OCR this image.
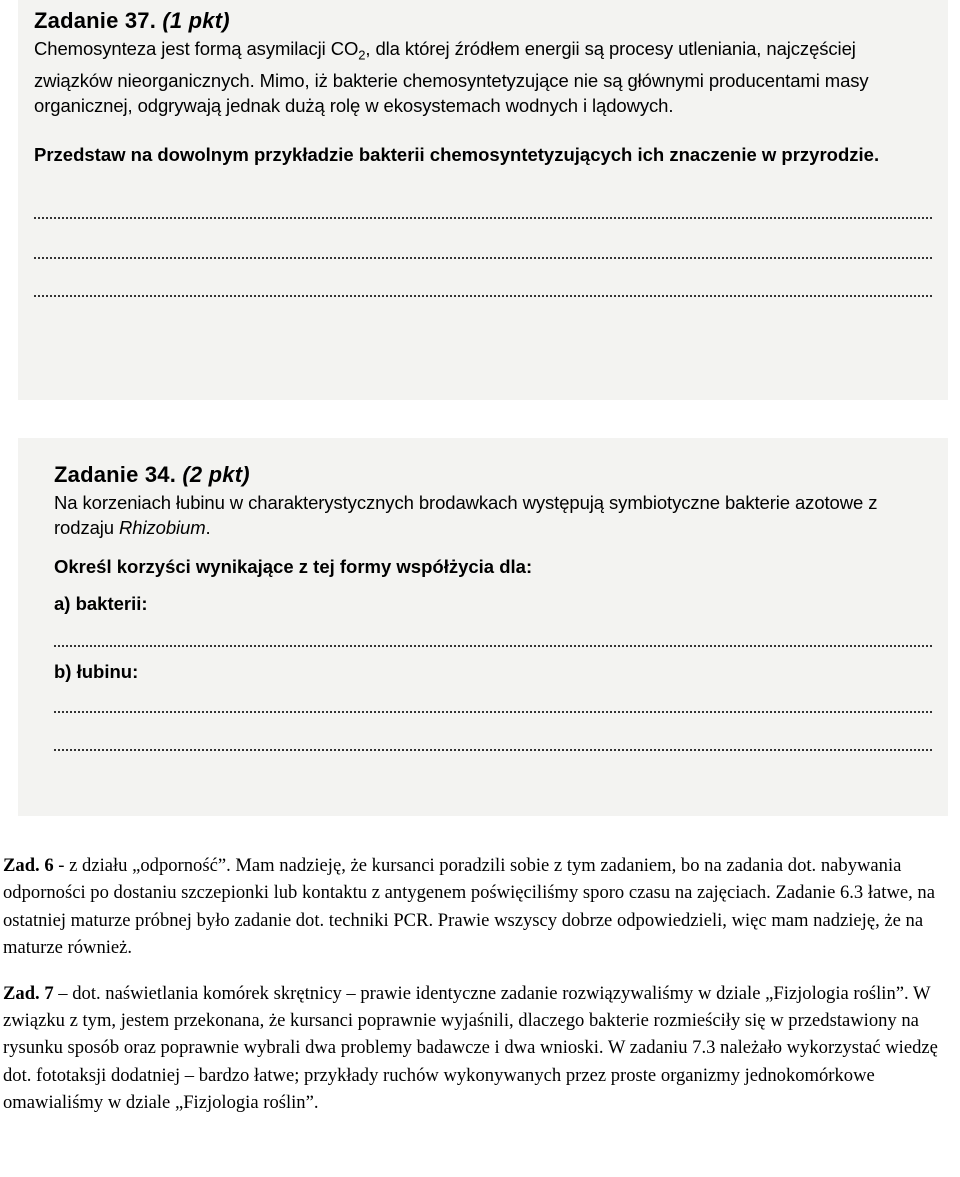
Zadanie 37. (1 pkt)

Chemosynteza jest formą asymilacji $CO_2$, dla której źródłem energii są procesy utleniania, najczęściej związków nieorganicznych. Mimo, iż bakterie chemosyntetyzujące nie są głównymi producentami masy organicznej, odgrywają jednak dużą rolę w ekosystemach wodnych i lądowych.

Przedstaw na dowolnym przykładzie bakterii chemosyntetyzujących ich znaczenie w przyrodzie.

Zadanie 34. (2 pkt)

Na korzeniach łubinu w charakterystycznych brodawkach występują symbiotyczne bakterie azotowe z rodzaju Rhizobium.

Określ korzyści wynikające z tej formy współżycia dla:

a) bakterii:

b) łubinu:

Zad. 6 - z działu „odporność”. Mam nadzieję, że kursanci poradzili sobie z tym zadaniem, bo na zadania dot. nabywania odporności po dostaniu szczepionki lub kontaktu z antygenem poświęciliśmy sporo czasu na zajęciach. Zadanie 6.3 łatwe, na ostatniej maturze próbnej było zadanie dot. techniki PCR. Prawie wszyscy dobrze odpowiedzieli, więc mam nadzieję, że na maturze również.

Zad. 7 – dot. naświetlania komórek skrętnicy – prawie identyczne zadanie rozwiązywaliśmy w dziale „Fizjologia roślin”. W związku z tym, jestem przekonana, że kursanci poprawnie wyjaśnili, dlaczego bakterie rozmieściły się w przedstawiony na rysunku sposób oraz poprawnie wybrali dwa problemy badawcze i dwa wnioski. W zadaniu 7.3 należało wykorzystać wiedzę dot. fototaksji dodatniej – bardzo łatwe; przykłady ruchów wykonywanych przez proste organizmy jednokomórkowe omawialiśmy w dziale „Fizjologia roślin”.
